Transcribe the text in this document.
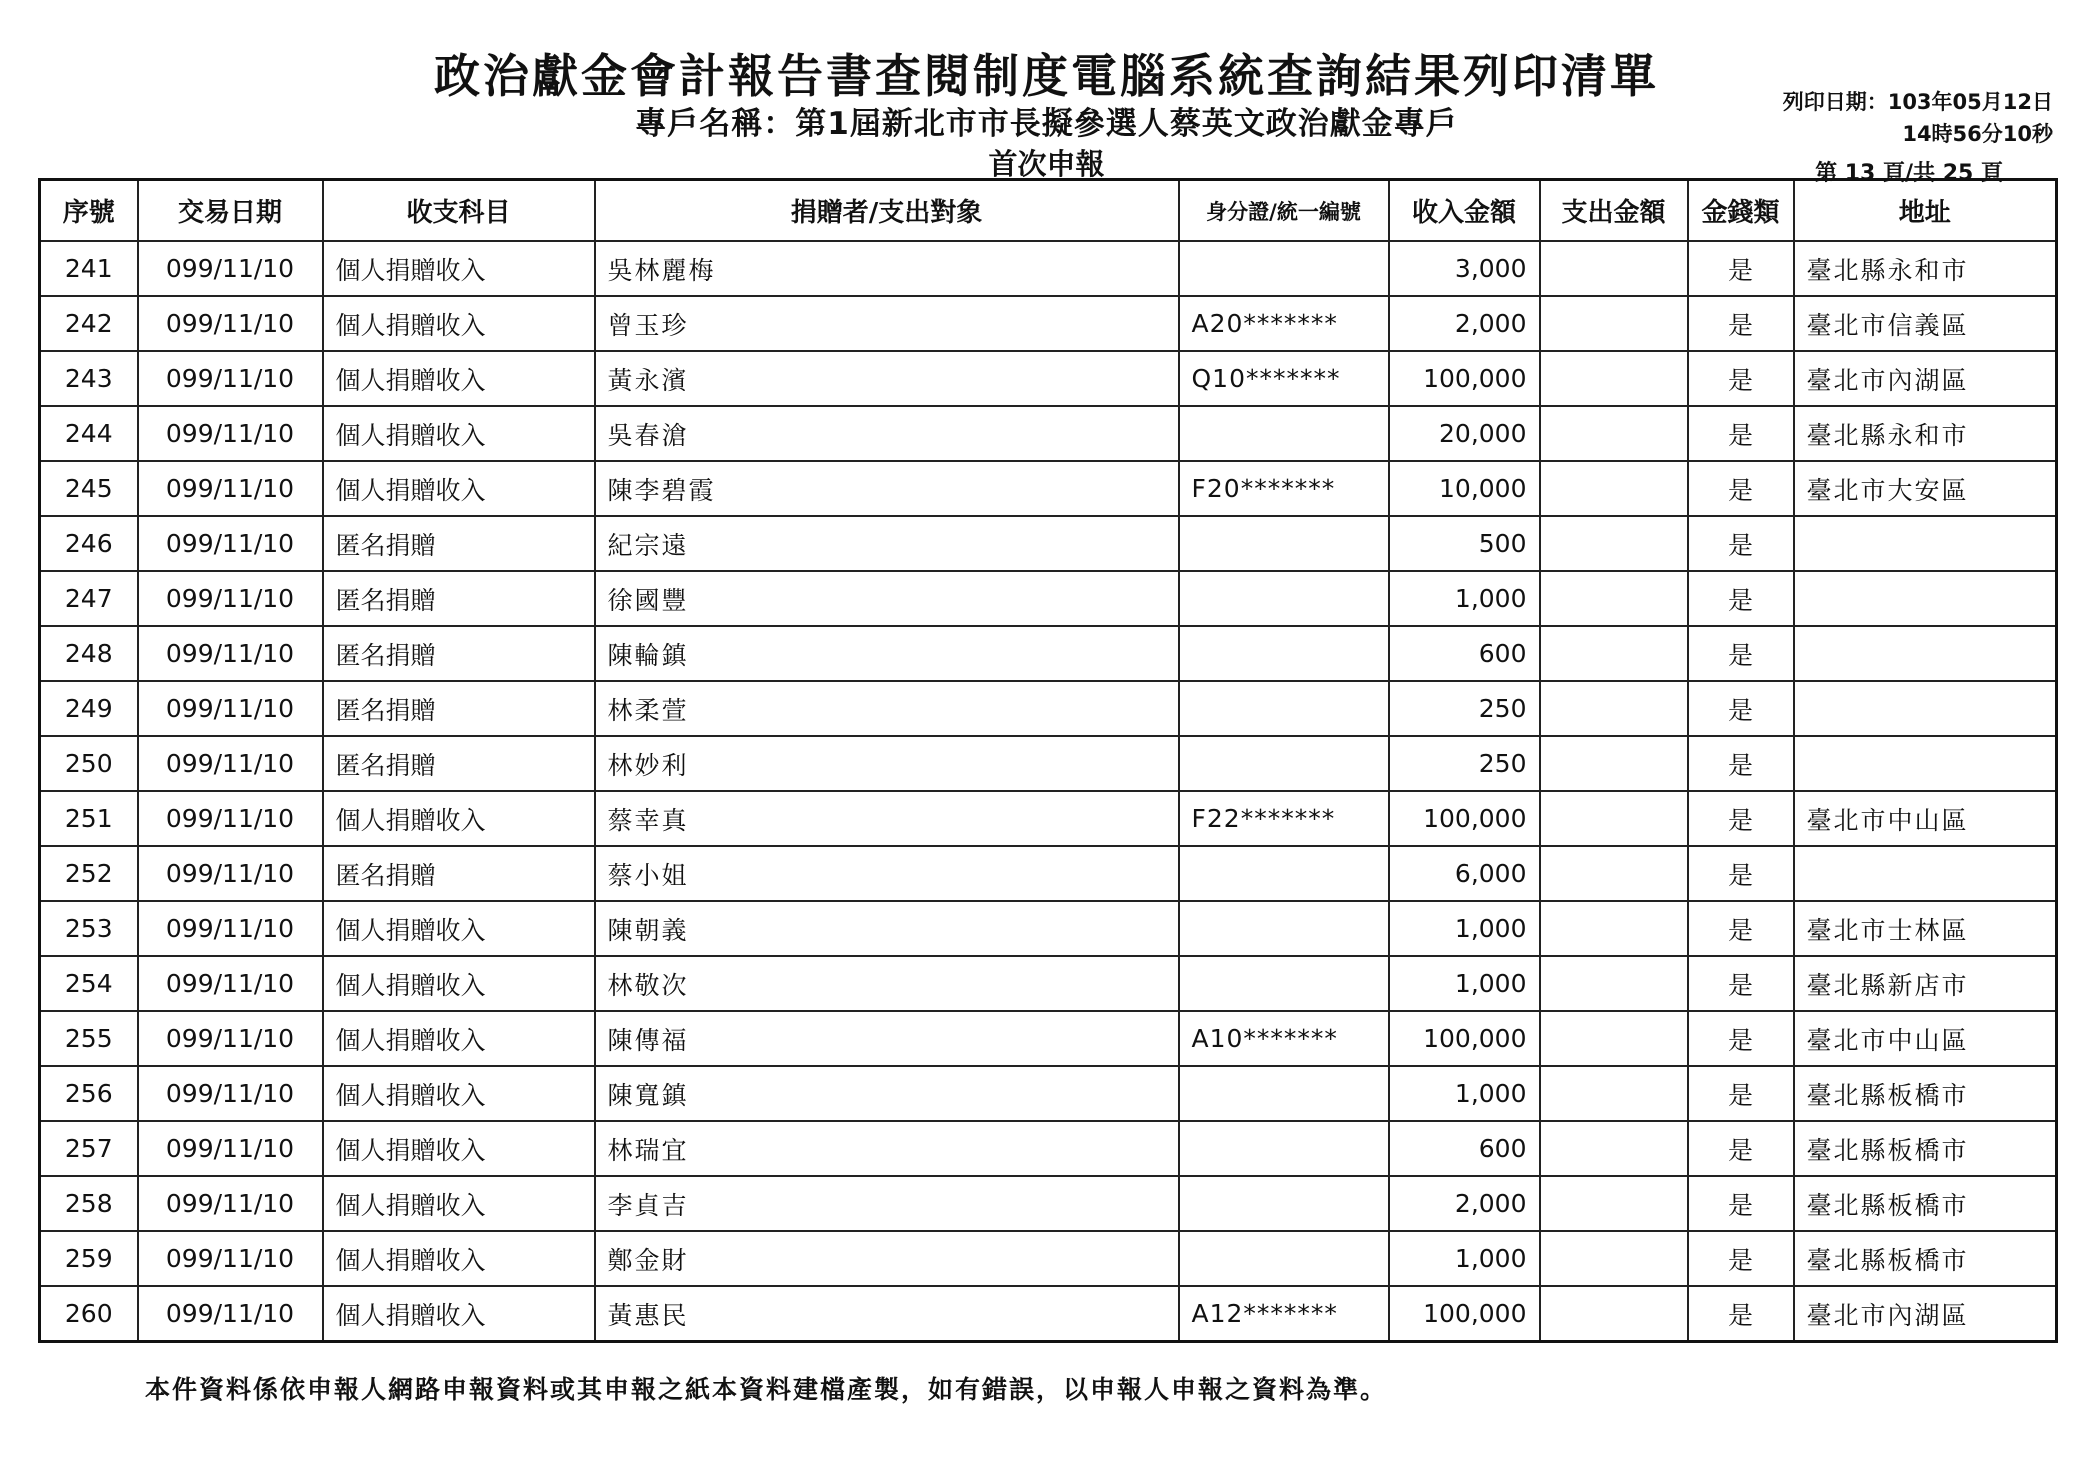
政治獻金會計報告書查閱制度電腦系統查詢結果列印清單
專戶名稱：第1屆新北市市長擬參選人蔡英文政治獻金專戶
首次申報
列印日期：103年05月12日
14時56分10秒
第 13 頁/共 25 頁
序號	交易日期	收支科目	捐贈者/支出對象	身分證/統一編號	收入金額	支出金額	金錢類	地址
241	099/11/10	個人捐贈收入	吳林麗梅		3,000		是	臺北縣永和市
242	099/11/10	個人捐贈收入	曾玉珍	A20*******	2,000		是	臺北市信義區
243	099/11/10	個人捐贈收入	黃永濱	Q10*******	100,000		是	臺北市內湖區
244	099/11/10	個人捐贈收入	吳春滄		20,000		是	臺北縣永和市
245	099/11/10	個人捐贈收入	陳李碧霞	F20*******	10,000		是	臺北市大安區
246	099/11/10	匿名捐贈	紀宗遠		500		是	
247	099/11/10	匿名捐贈	徐國豐		1,000		是	
248	099/11/10	匿名捐贈	陳輪鎮		600		是	
249	099/11/10	匿名捐贈	林柔萱		250		是	
250	099/11/10	匿名捐贈	林妙利		250		是	
251	099/11/10	個人捐贈收入	蔡幸真	F22*******	100,000		是	臺北市中山區
252	099/11/10	匿名捐贈	蔡小姐		6,000		是	
253	099/11/10	個人捐贈收入	陳朝義		1,000		是	臺北市士林區
254	099/11/10	個人捐贈收入	林敬次		1,000		是	臺北縣新店市
255	099/11/10	個人捐贈收入	陳傳福	A10*******	100,000		是	臺北市中山區
256	099/11/10	個人捐贈收入	陳寬鎮		1,000		是	臺北縣板橋市
257	099/11/10	個人捐贈收入	林瑞宜		600		是	臺北縣板橋市
258	099/11/10	個人捐贈收入	李貞吉		2,000		是	臺北縣板橋市
259	099/11/10	個人捐贈收入	鄭金財		1,000		是	臺北縣板橋市
260	099/11/10	個人捐贈收入	黃惠民	A12*******	100,000		是	臺北市內湖區
本件資料係依申報人網路申報資料或其申報之紙本資料建檔產製，如有錯誤，以申報人申報之資料為準。
